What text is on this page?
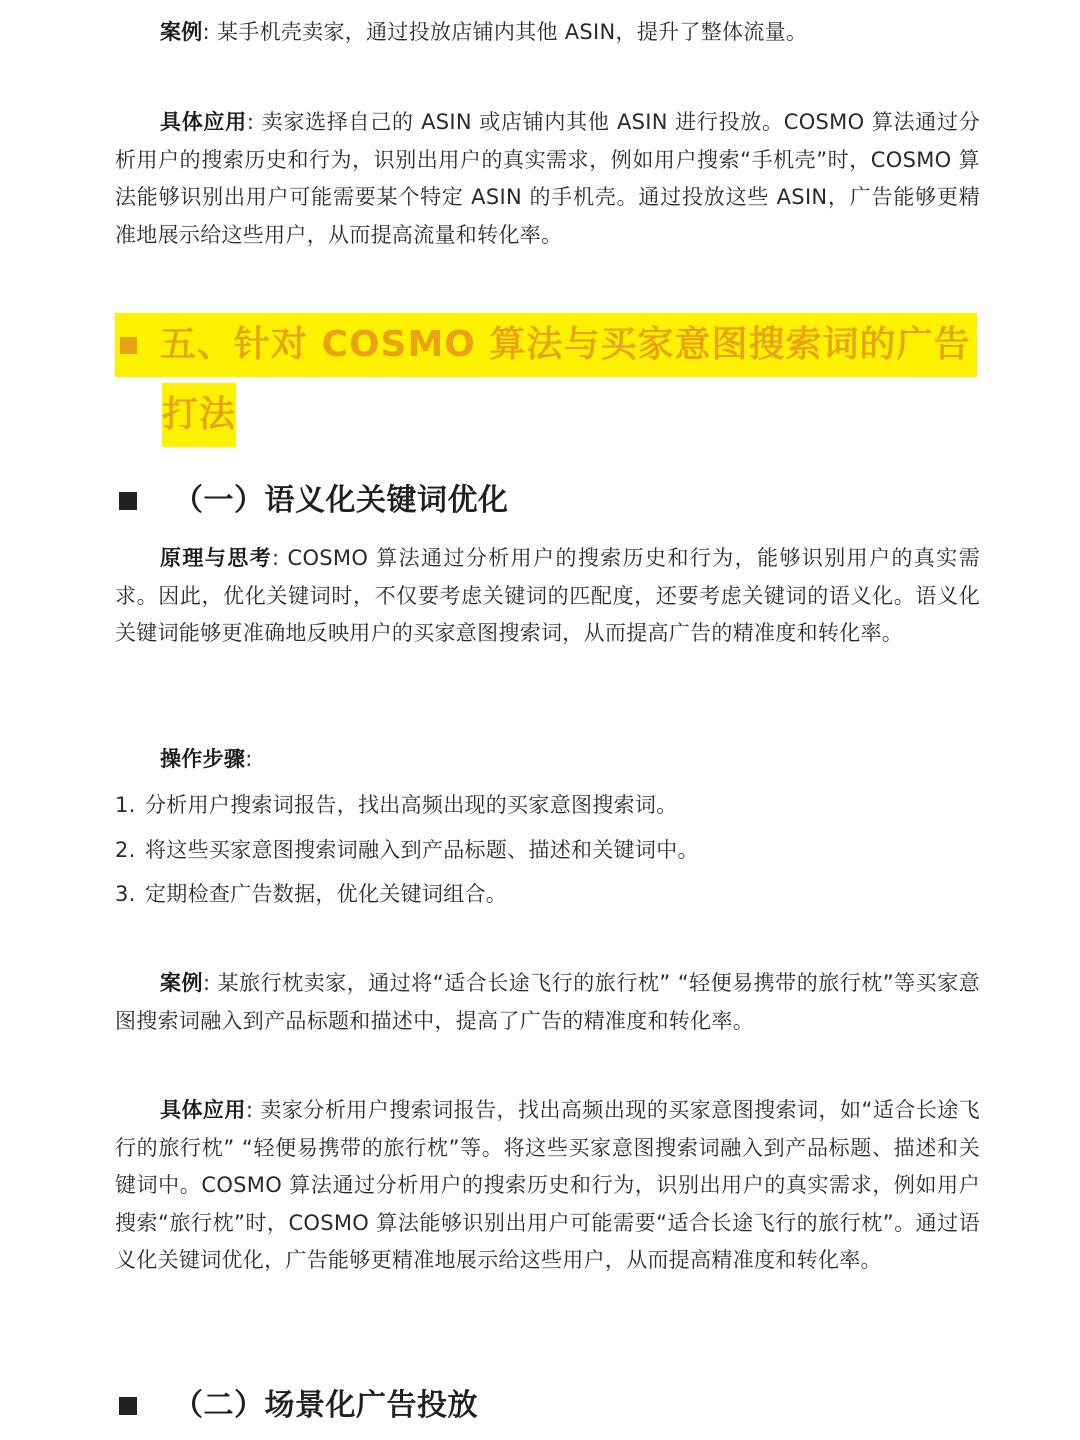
案例: 某手机壳卖家，通过投放店铺内其他 ASIN，提升了整体流量。
具体应用: 卖家选择自己的 ASIN 或店铺内其他 ASIN 进行投放。COSMO 算法通过分析用户的搜索历史和行为，识别出用户的真实需求，例如用户搜索“手机壳”时，COSMO 算法能够识别出用户可能需要某个特定 ASIN 的手机壳。通过投放这些 ASIN，广告能够更精准地展示给这些用户，从而提高流量和转化率。
五、针对 COSMO 算法与买家意图搜索词的广告
打法
（一）语义化关键词优化
原理与思考: COSMO 算法通过分析用户的搜索历史和行为，能够识别用户的真实需求。因此，优化关键词时，不仅要考虑关键词的匹配度，还要考虑关键词的语义化。语义化关键词能够更准确地反映用户的买家意图搜索词，从而提高广告的精准度和转化率。
操作步骤:
1. 分析用户搜索词报告，找出高频出现的买家意图搜索词。
2. 将这些买家意图搜索词融入到产品标题、描述和关键词中。
3. 定期检查广告数据，优化关键词组合。
案例: 某旅行枕卖家，通过将“适合长途飞行的旅行枕” “轻便易携带的旅行枕”等买家意图搜索词融入到产品标题和描述中，提高了广告的精准度和转化率。
具体应用: 卖家分析用户搜索词报告，找出高频出现的买家意图搜索词，如“适合长途飞行的旅行枕” “轻便易携带的旅行枕”等。将这些买家意图搜索词融入到产品标题、描述和关键词中。COSMO 算法通过分析用户的搜索历史和行为，识别出用户的真实需求，例如用户搜索“旅行枕”时，COSMO 算法能够识别出用户可能需要“适合长途飞行的旅行枕”。通过语义化关键词优化，广告能够更精准地展示给这些用户，从而提高精准度和转化率。
（二）场景化广告投放
